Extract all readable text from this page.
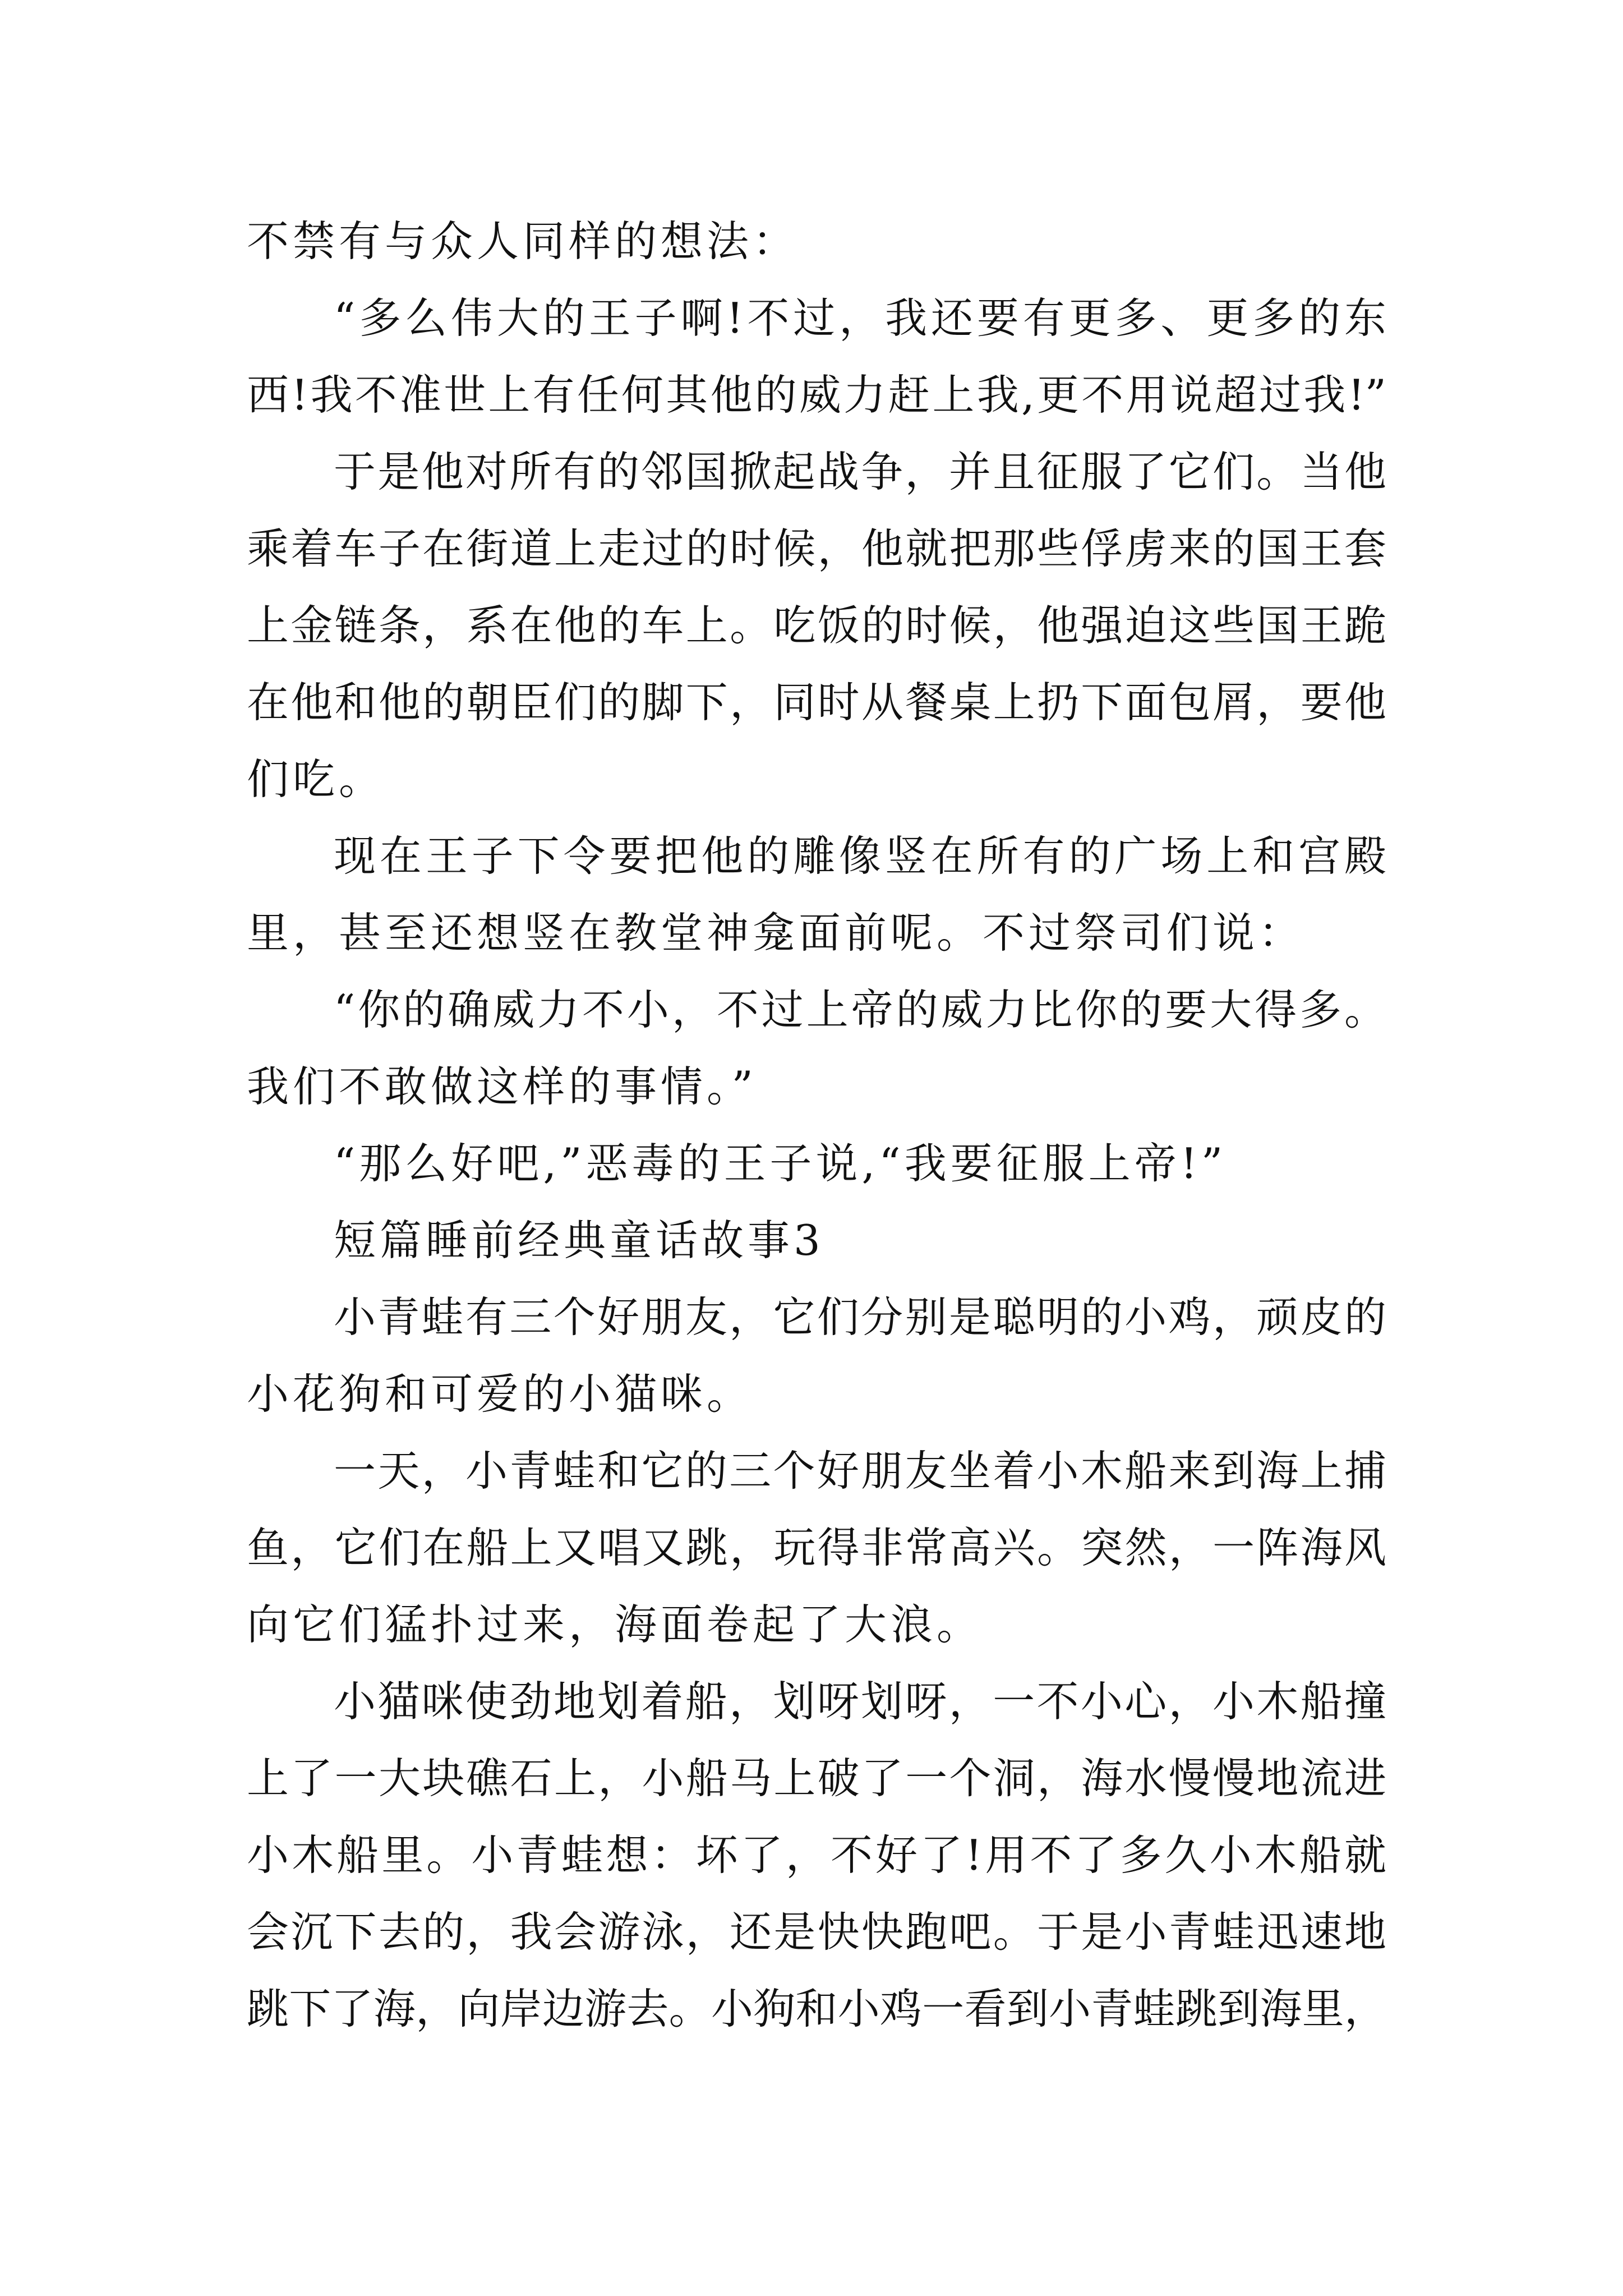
不禁有与众人同样的想法：
“多么伟大的王子啊!不过，我还要有更多、更多的东
西!我不准世上有任何其他的威力赶上我,更不用说超过我!”
于是他对所有的邻国掀起战争，并且征服了它们。当他
乘着车子在街道上走过的时候，他就把那些俘虏来的国王套
上金链条，系在他的车上。吃饭的时候，他强迫这些国王跪
在他和他的朝臣们的脚下，同时从餐桌上扔下面包屑，要他
们吃。
现在王子下令要把他的雕像竖在所有的广场上和宫殿
里，甚至还想竖在教堂神龛面前呢。不过祭司们说：
“你的确威力不小，不过上帝的威力比你的要大得多。
我们不敢做这样的事情。”
“那么好吧,”恶毒的王子说,“我要征服上帝!”
短篇睡前经典童话故事3
小青蛙有三个好朋友，它们分别是聪明的小鸡，顽皮的
小花狗和可爱的小猫咪。
一天，小青蛙和它的三个好朋友坐着小木船来到海上捕
鱼，它们在船上又唱又跳，玩得非常高兴。突然，一阵海风
向它们猛扑过来，海面卷起了大浪。
小猫咪使劲地划着船，划呀划呀，一不小心，小木船撞
上了一大块礁石上，小船马上破了一个洞，海水慢慢地流进
小木船里。小青蛙想：坏了，不好了!用不了多久小木船就
会沉下去的，我会游泳，还是快快跑吧。于是小青蛙迅速地
跳下了海，向岸边游去。小狗和小鸡一看到小青蛙跳到海里，
